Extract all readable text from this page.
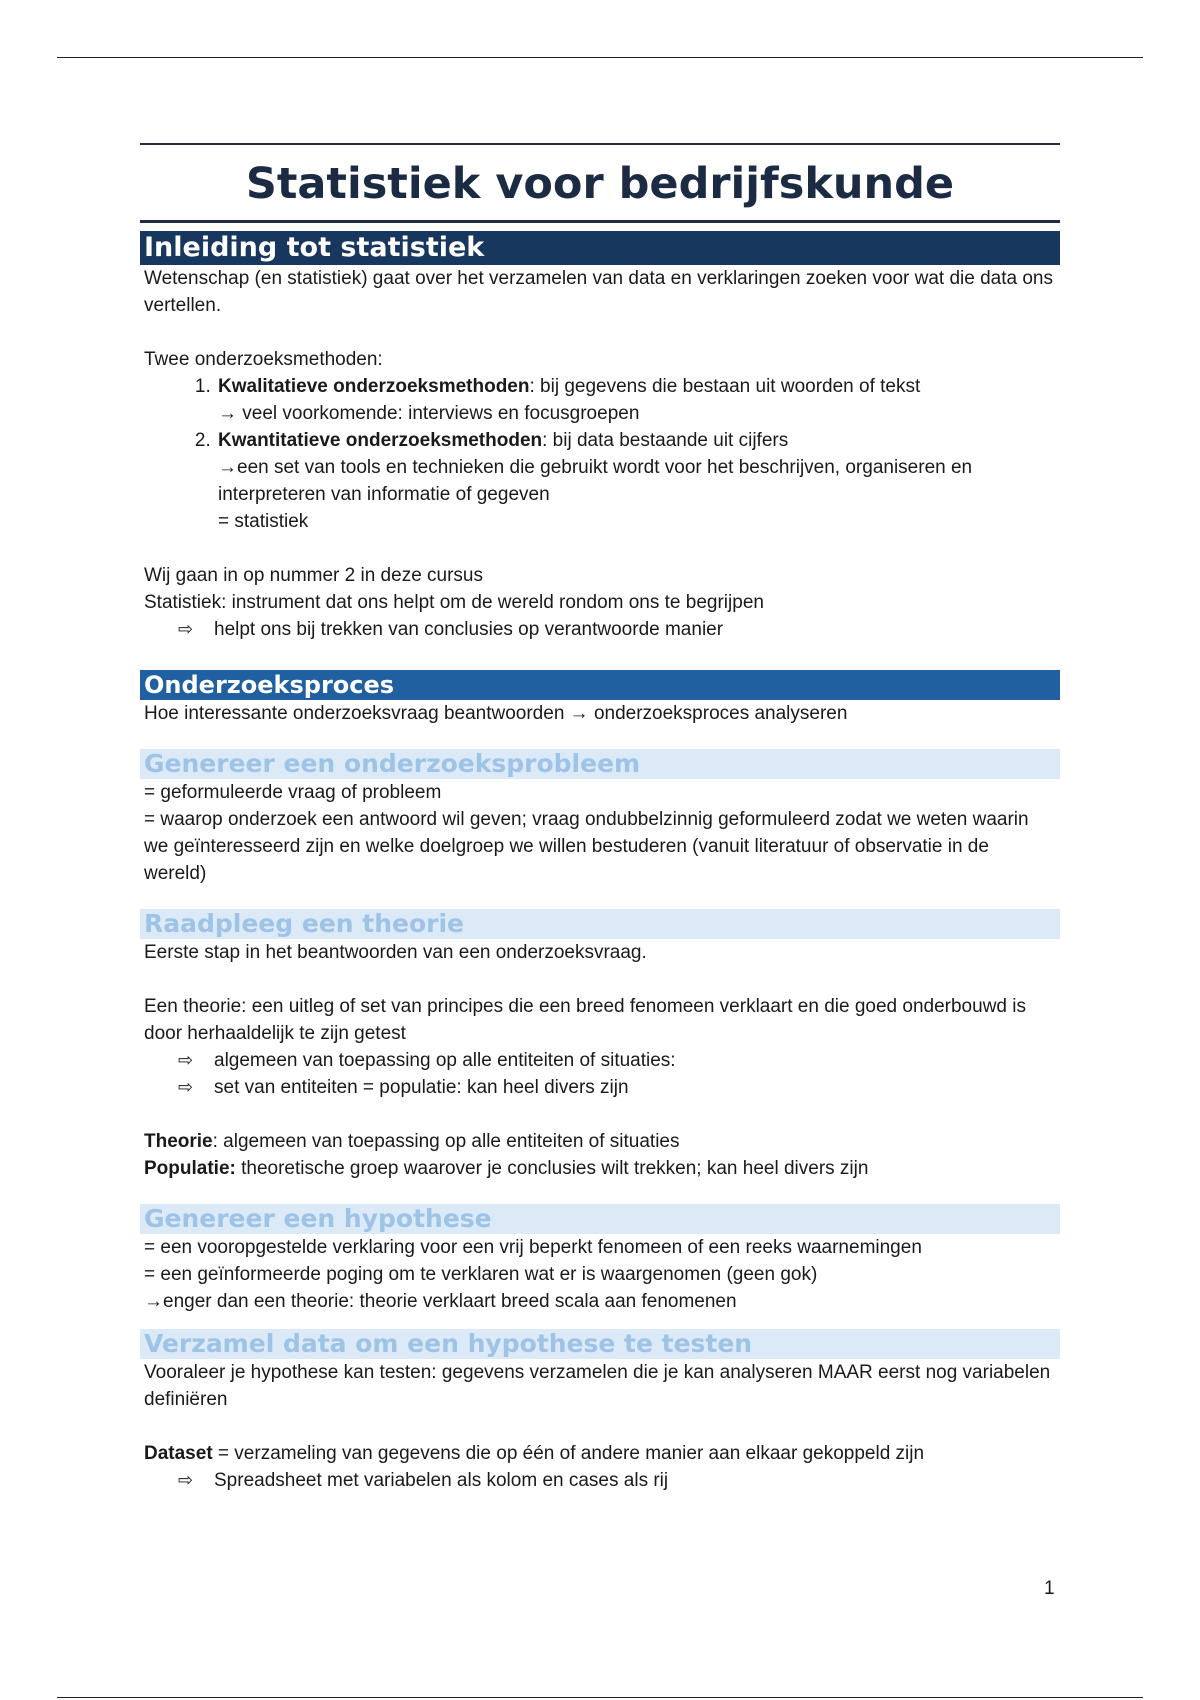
Statistiek voor bedrijfskunde
Inleiding tot statistiek

Wetenschap (en statistiek) gaat over het verzamelen van data en verklaringen zoeken voor wat die data ons vertellen.

Twee onderzoeksmethoden:

1. Kwalitatieve onderzoeksmethoden: bij gegevens die bestaan uit woorden of tekst
→ veel voorkomende: interviews en focusgroepen
2. Kwantitatieve onderzoeksmethoden: bij data bestaande uit cijfers
→een set van tools en technieken die gebruikt wordt voor het beschrijven, organiseren en interpreteren van informatie of gegeven
= statistiek

Wij gaan in op nummer 2 in deze cursus

Statistiek: instrument dat ons helpt om de wereld rondom ons te begrijpen

⇨ helpt ons bij trekken van conclusies op verantwoorde manier
Onderzoeksproces

Hoe interessante onderzoeksvraag beantwoorden → onderzoeksproces analyseren

Genereer een onderzoeksprobleem

= geformuleerde vraag of probleem

= waarop onderzoek een antwoord wil geven; vraag ondubbelzinnig geformuleerd zodat we weten waarin we geïnteresseerd zijn en welke doelgroep we willen bestuderen (vanuit literatuur of observatie in de wereld)

Raadpleeg een theorie

Eerste stap in het beantwoorden van een onderzoeksvraag.

Een theorie: een uitleg of set van principes die een breed fenomeen verklaart en die goed onderbouwd is door herhaaldelijk te zijn getest

⇨ algemeen van toepassing op alle entiteiten of situaties:
⇨ set van entiteiten = populatie: kan heel divers zijn

Theorie: algemeen van toepassing op alle entiteiten of situaties

Populatie: theoretische groep waarover je conclusies wilt trekken; kan heel divers zijn

Genereer een hypothese

= een vooropgestelde verklaring voor een vrij beperkt fenomeen of een reeks waarnemingen

= een geïnformeerde poging om te verklaren wat er is waargenomen (geen gok)

→enger dan een theorie: theorie verklaart breed scala aan fenomenen

Verzamel data om een hypothese te testen

Vooraleer je hypothese kan testen: gegevens verzamelen die je kan analyseren MAAR eerst nog variabelen definiëren

Dataset = verzameling van gegevens die op één of andere manier aan elkaar gekoppeld zijn

⇨ Spreadsheet met variabelen als kolom en cases als rij
1
